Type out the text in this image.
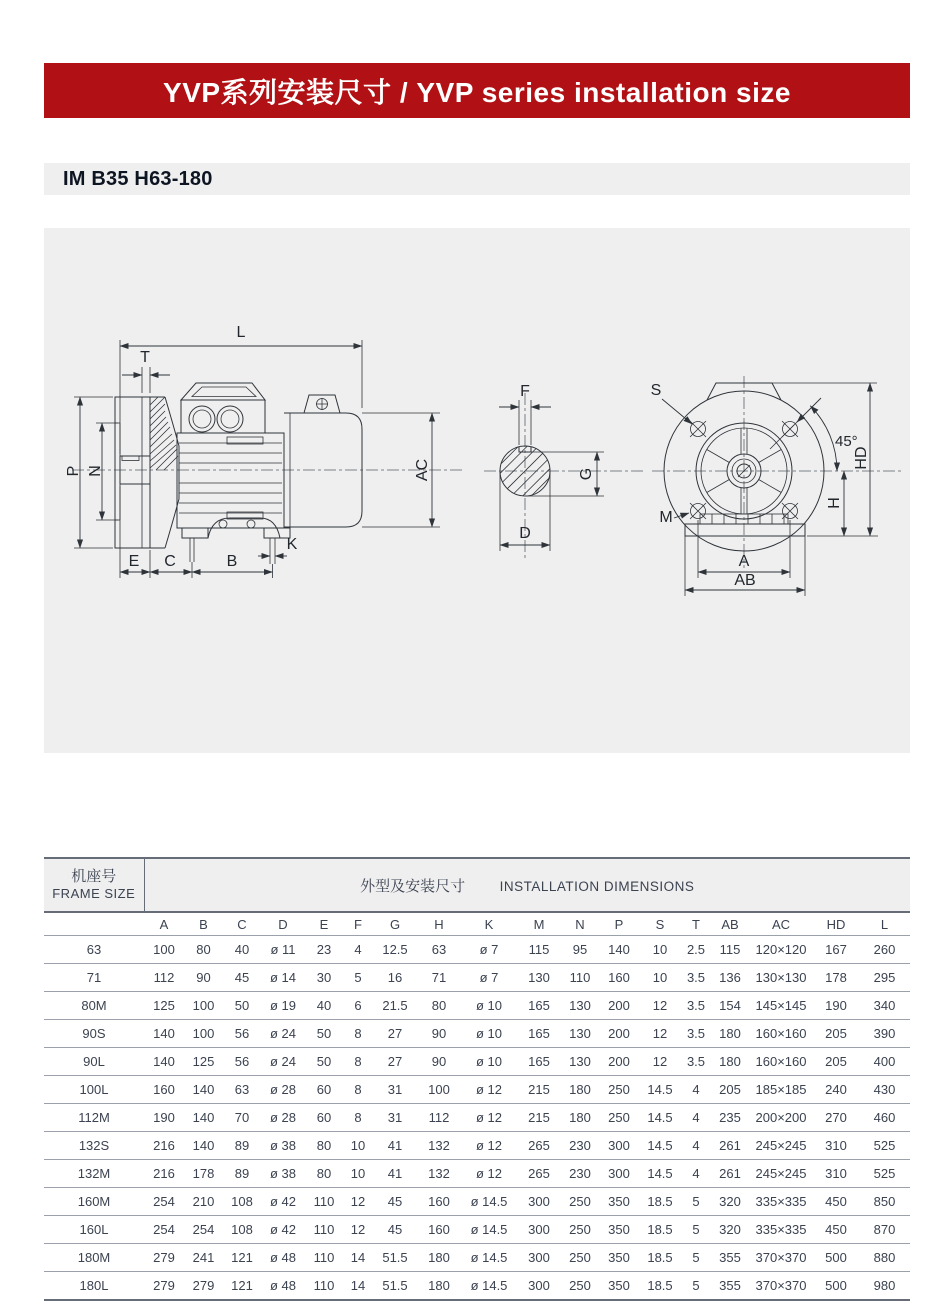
YVP系列安装尺寸 / YVP series installation size
IM B35 H63-180
L
T
P N	AC
E C	B
K
F
G
D
S
M
45°
HD
H
A
AB
机座号
FRAME SIZE	外型及安装尺寸 INSTALLATION DIMENSIONS																	
	A	B	C	D	E	F	G	H	K	M	N	P	S	T	AB	AC	HD	L
63	100	80	40	ø 11	23	4	12.5	63	ø 7	115	95	140	10	2.5	115	120×120	167	260
71	112	90	45	ø 14	30	5	16	71	ø 7	130	110	160	10	3.5	136	130×130	178	295
80M	125	100	50	ø 19	40	6	21.5	80	ø 10	165	130	200	12	3.5	154	145×145	190	340
90S	140	100	56	ø 24	50	8	27	90	ø 10	165	130	200	12	3.5	180	160×160	205	390
90L	140	125	56	ø 24	50	8	27	90	ø 10	165	130	200	12	3.5	180	160×160	205	400
100L	160	140	63	ø 28	60	8	31	100	ø 12	215	180	250	14.5	4	205	185×185	240	430
112M	190	140	70	ø 28	60	8	31	112	ø 12	215	180	250	14.5	4	235	200×200	270	460
132S	216	140	89	ø 38	80	10	41	132	ø 12	265	230	300	14.5	4	261	245×245	310	525
132M	216	178	89	ø 38	80	10	41	132	ø 12	265	230	300	14.5	4	261	245×245	310	525
160M	254	210	108	ø 42	110	12	45	160	ø 14.5	300	250	350	18.5	5	320	335×335	450	850
160L	254	254	108	ø 42	110	12	45	160	ø 14.5	300	250	350	18.5	5	320	335×335	450	870
180M	279	241	121	ø 48	110	14	51.5	180	ø 14.5	300	250	350	18.5	5	355	370×370	500	880
180L	279	279	121	ø 48	110	14	51.5	180	ø 14.5	300	250	350	18.5	5	355	370×370	500	980
